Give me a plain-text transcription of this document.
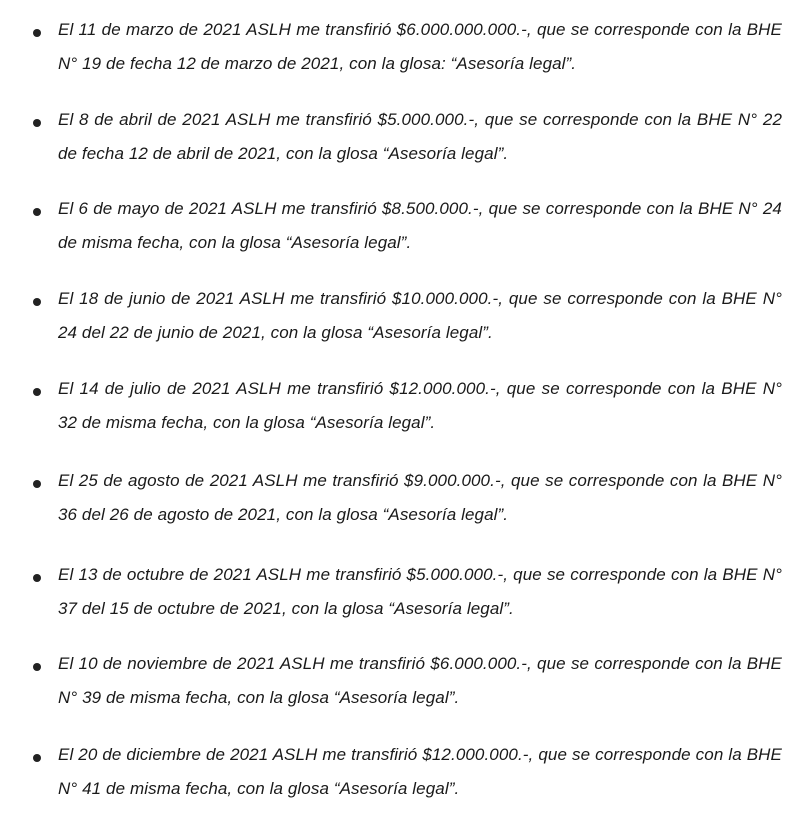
El 11 de marzo de 2021 ASLH me transfirió $6.000.000.000.-, que se corresponde con la BHE N° 19 de fecha 12 de marzo de 2021, con la glosa: “Asesoría legal”.
El 8 de abril de 2021 ASLH me transfirió $5.000.000.-, que se corresponde con la BHE N° 22 de fecha 12 de abril de 2021, con la glosa “Asesoría legal”.
El 6 de mayo de 2021 ASLH me transfirió $8.500.000.-, que se corresponde con la BHE N° 24 de misma fecha, con la glosa “Asesoría legal”.
El 18 de junio de 2021 ASLH me transfirió $10.000.000.-, que se corresponde con la BHE N° 24 del 22 de junio de 2021, con la glosa “Asesoría legal”.
El 14 de julio de 2021 ASLH me transfirió $12.000.000.-, que se corresponde con la BHE N° 32 de misma fecha, con la glosa “Asesoría legal”.
El 25 de agosto de 2021 ASLH me transfirió $9.000.000.-, que se corresponde con la BHE N° 36 del 26 de agosto de 2021, con la glosa “Asesoría legal”.
El 13 de octubre de 2021 ASLH me transfirió $5.000.000.-, que se corresponde con la BHE N° 37 del 15 de octubre de 2021, con la glosa “Asesoría legal”.
El 10 de noviembre de 2021 ASLH me transfirió $6.000.000.-, que se corresponde con la BHE N° 39 de misma fecha, con la glosa “Asesoría legal”.
El 20 de diciembre de 2021 ASLH me transfirió $12.000.000.-, que se corresponde con la BHE N° 41 de misma fecha, con la glosa “Asesoría legal”.
